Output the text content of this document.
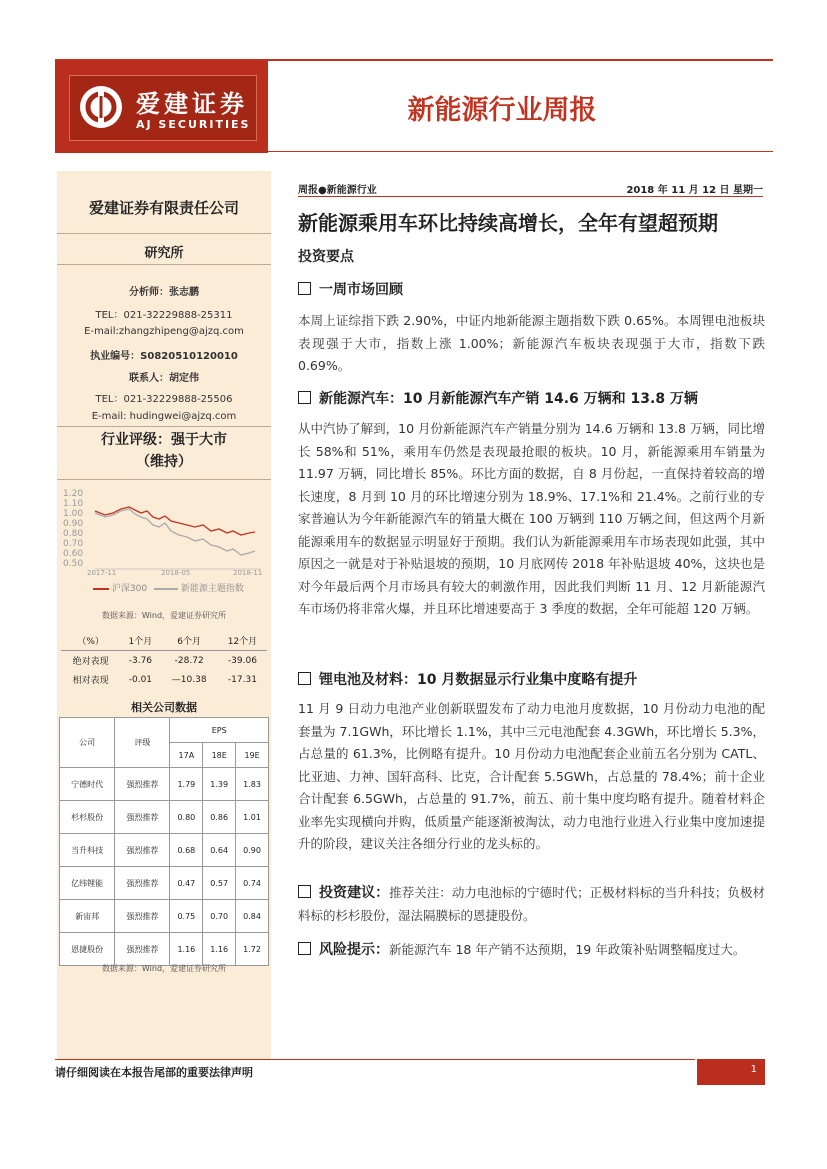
爱建证券
AJ SECURITIES	新能源行业周报
爱建证券有限责任公司
研究所
分析师：张志鹏
TEL：021-32229888-25311
E-mail:zhangzhipeng@ajzq.com
执业编号：S0820510120010
联系人：胡定伟
TEL：021-32229888-25506
E-mail: hudingwei@ajzq.com
行业评级：强于大市
（维持）
1.20
1.10
1.00
0.90
0.80
0.70
0.60
0.50
2017-11	2018-05	2018-11
沪深300	新能源主题指数
数据来源：Wind，爱建证券研究所
（%）	1个月	6个月	12个月
绝对表现	-3.76	-28.72	-39.06
相对表现	-0.01	—10.38	-17.31
相关公司数据
公司	评级	EPS		
		17A	18E	19E
宁德时代	强烈推荐	1.79	1.39	1.83
杉杉股份	强烈推荐	0.80	0.86	1.01
当升科技	强烈推荐	0.68	0.64	0.90
亿纬锂能	强烈推荐	0.47	0.57	0.74
新宙邦	强烈推荐	0.75	0.70	0.84
恩捷股份	强烈推荐	1.16	1.16	1.72
数据来源：Wind，爱建证券研究所
周报●新能源行业	2018 年 11 月 12 日 星期一
新能源乘用车环比持续高增长，全年有望超预期
投资要点
一周市场回顾
本周上证综指下跌 2.90%，中证内地新能源主题指数下跌 0.65%。本周锂电池板块表现强于大市，指数上涨 1.00%；新能源汽车板块表现强于大市，指数下跌 0.69%。
新能源汽车：10 月新能源汽车产销 14.6 万辆和 13.8 万辆
从中汽协了解到，10 月份新能源汽车产销量分别为 14.6 万辆和 13.8 万辆，同比增长 58%和 51%，乘用车仍然是表现最抢眼的板块。10 月，新能源乘用车销量为 11.97 万辆，同比增长 85%。环比方面的数据，自 8 月份起，一直保持着较高的增长速度，8 月到 10 月的环比增速分别为 18.9%、17.1%和 21.4%。之前行业的专家普遍认为今年新能源汽车的销量大概在 100 万辆到 110 万辆之间，但这两个月新能源乘用车的数据显示明显好于预期。我们认为新能源乘用车市场表现如此强，其中原因之一就是对于补贴退坡的预期，10 月底网传 2018 年补贴退坡 40%，这块也是对今年最后两个月市场具有较大的刺激作用，因此我们判断 11 月、12 月新能源汽车市场仍将非常火爆，并且环比增速要高于 3 季度的数据，全年可能超 120 万辆。
锂电池及材料：10 月数据显示行业集中度略有提升
11 月 9 日动力电池产业创新联盟发布了动力电池月度数据，10 月份动力电池的配套量为 7.1GWh，环比增长 1.1%，其中三元电池配套 4.3GWh，环比增长 5.3%，占总量的 61.3%，比例略有提升。10 月份动力电池配套企业前五名分别为 CATL、比亚迪、力神、国轩高科、比克，合计配套 5.5GWh，占总量的 78.4%；前十企业合计配套 6.5GWh，占总量的 91.7%，前五、前十集中度均略有提升。随着材料企业率先实现横向并购，低质量产能逐渐被淘汰，动力电池行业进入行业集中度加速提升的阶段，建议关注各细分行业的龙头标的。
投资建议：推荐关注：动力电池标的宁德时代；正极材料标的当升科技；负极材料标的杉杉股份，湿法隔膜标的恩捷股份。
风险提示：新能源汽车 18 年产销不达预期，19 年政策补贴调整幅度过大。
请仔细阅读在本报告尾部的重要法律声明	1
